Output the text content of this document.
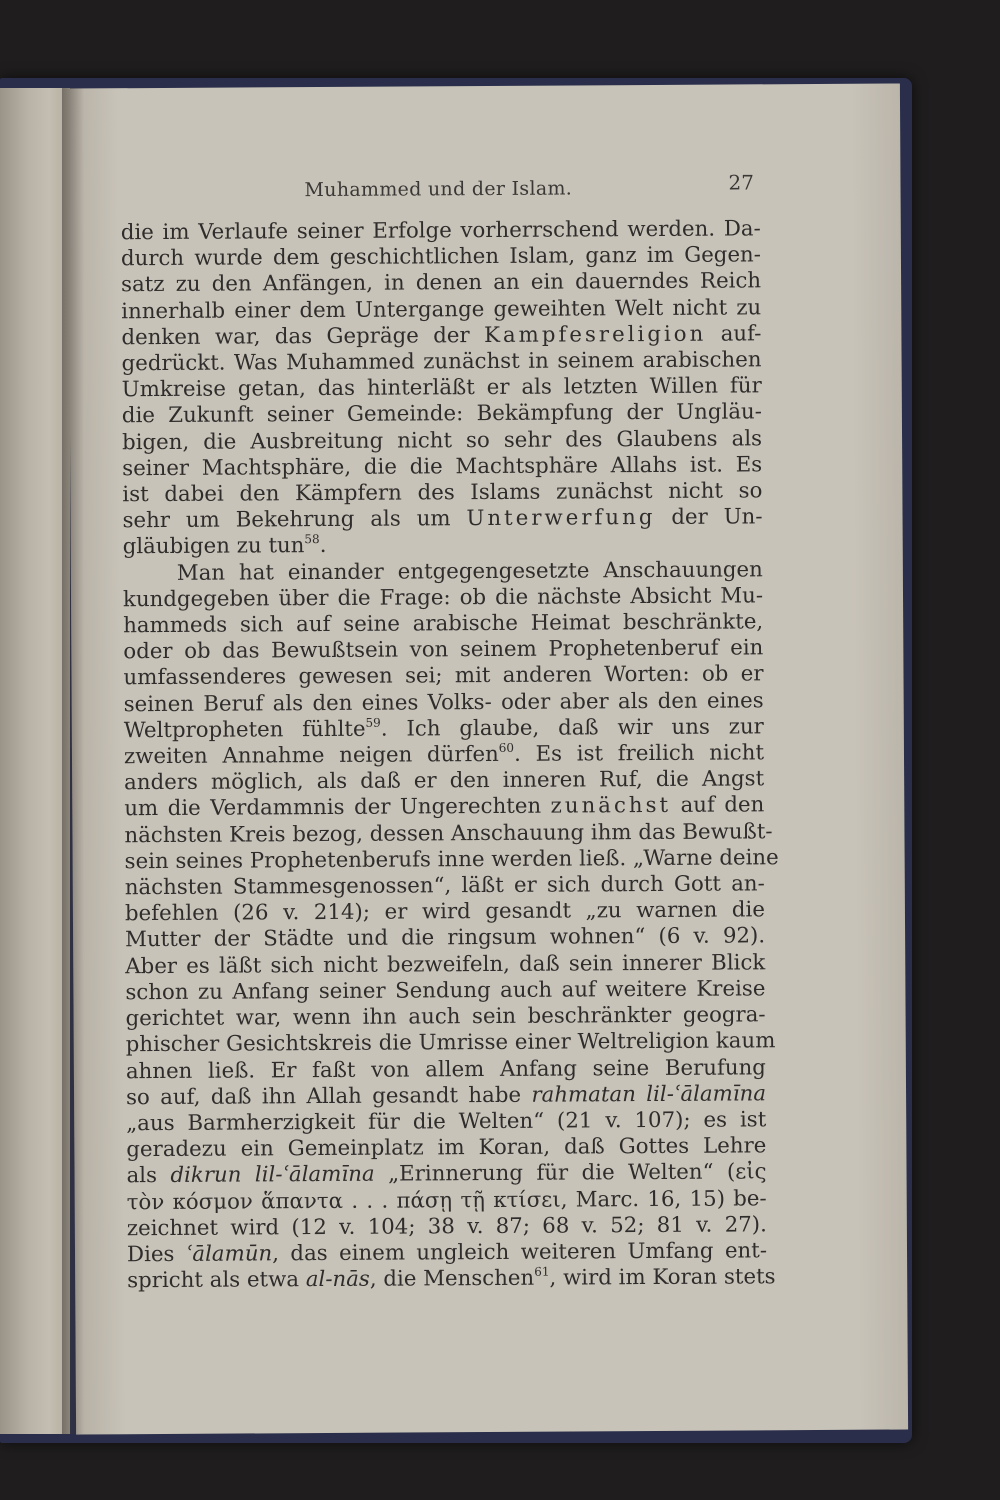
Muhammed und der Islam.	27
die im Verlaufe seiner Erfolge vorherrschend werden. Da-
durch wurde dem geschichtlichen Islam, ganz im Gegen-
satz zu den Anfängen, in denen an ein dauerndes Reich
innerhalb einer dem Untergange geweihten Welt nicht zu
denken war, das Gepräge der Kampfesreligion auf-
gedrückt. Was Muhammed zunächst in seinem arabischen
Umkreise getan, das hinterläßt er als letzten Willen für
die Zukunft seiner Gemeinde: Bekämpfung der Ungläu-
bigen, die Ausbreitung nicht so sehr des Glaubens als
seiner Machtsphäre, die die Machtsphäre Allahs ist. Es
ist dabei den Kämpfern des Islams zunächst nicht so
sehr um Bekehrung als um Unterwerfung der Un-
gläubigen zu tun$^{58}$.
Man hat einander entgegengesetzte Anschauungen
kundgegeben über die Frage: ob die nächste Absicht Mu-
hammeds sich auf seine arabische Heimat beschränkte,
oder ob das Bewußtsein von seinem Prophetenberuf ein
umfassenderes gewesen sei; mit anderen Worten: ob er
seinen Beruf als den eines Volks- oder aber als den eines
Weltpropheten fühlte$^{59}$. Ich glaube, daß wir uns zur
zweiten Annahme neigen dürfen$^{60}$. Es ist freilich nicht
anders möglich, als daß er den inneren Ruf, die Angst
um die Verdammnis der Ungerechten zunächst auf den
nächsten Kreis bezog, dessen Anschauung ihm das Bewußt-
sein seines Prophetenberufs inne werden ließ. „Warne deine
nächsten Stammesgenossen“, läßt er sich durch Gott an-
befehlen (26 v. 214); er wird gesandt „zu warnen die
Mutter der Städte und die ringsum wohnen“ (6 v. 92).
Aber es läßt sich nicht bezweifeln, daß sein innerer Blick
schon zu Anfang seiner Sendung auch auf weitere Kreise
gerichtet war, wenn ihn auch sein beschränkter geogra-
phischer Gesichtskreis die Umrisse einer Weltreligion kaum
ahnen ließ. Er faßt von allem Anfang seine Berufung
so auf, daß ihn Allah gesandt habe rahmatan lil-ʿālamīna
„aus Barmherzigkeit für die Welten“ (21 v. 107); es ist
geradezu ein Gemeinplatz im Koran, daß Gottes Lehre
als dikrun lil-ʿālamīna „Erinnerung für die Welten“ (εἰς
τὸν κόσμον ἅπαντα . . . πάσῃ τῇ κτίσει, Marc. 16, 15) be-
zeichnet wird (12 v. 104; 38 v. 87; 68 v. 52; 81 v. 27).
Dies ʿālamūn, das einem ungleich weiteren Umfang ent-
spricht als etwa al-nās, die Menschen$^{61}$, wird im Koran stets
